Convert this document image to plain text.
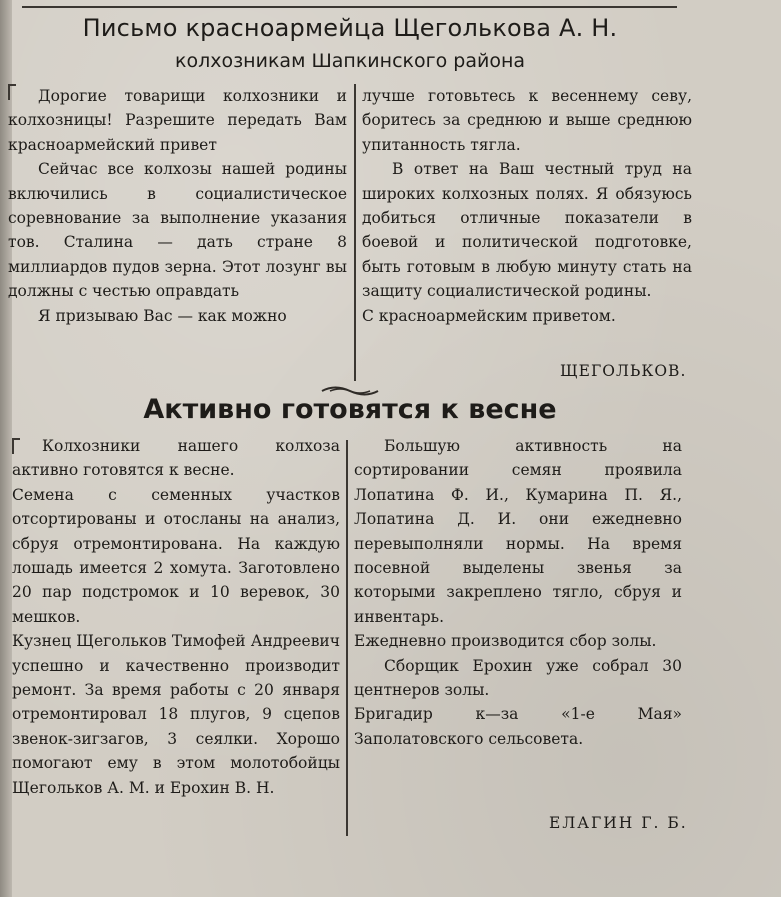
Письмо красноармейца Щеголькова А. Н.
колхозникам Шапкинского района

Дорогие товарищи колхозники и колхозницы! Разрешите передать Вам красноармейский привет

Сейчас все колхозы нашей родины включились в социалистическое соревнование за выполнение указания тов. Сталина — дать стране 8 миллиардов пудов зерна. Этот лозунг вы должны с честью оправдать

Я призываю Вас — как можно

лучше готовьтесь к весеннему севу, боритесь за среднюю и выше среднюю упитанность тягла.

В ответ на Ваш честный труд на широких колхозных полях. Я обязуюсь добиться отличные показатели в боевой и политической подготовке, быть готовым в любую минуту стать на защиту социалистической родины.

С красноармейским приветом.

ЩЕГОЛЬКОВ.
Активно готовятся к весне

Колхозники нашего колхоза активно готовятся к весне.

Семена с семенных участков отсортированы и отосланы на анализ, сбруя отремонтирована. На каждую лошадь имеется 2 хомута. Заготовлено 20 пар подстромок и 10 веревок, 30 мешков.

Кузнец Щегольков Тимофей Андреевич успешно и качественно производит ремонт. За время работы с 20 января отремонтировал 18 плугов, 9 сцепов звенок-зигзагов, 3 сеялки. Хорошо помогают ему в этом молотобойцы Щегольков А. М. и Ерохин В. Н.

Большую активность на сортировании семян проявила Лопатина Ф. И., Кумарина П. Я., Лопатина Д. И. они ежедневно перевыполняли нормы. На время посевной выделены звенья за которыми закреплено тягло, сбруя и инвентарь.

Ежедневно производится сбор золы.

Сборщик Ерохин уже собрал 30 центнеров золы.

Бригадир к—за «1-е Мая» Заполатовского сельсовета.

ЕЛАГИН Г. Б.
